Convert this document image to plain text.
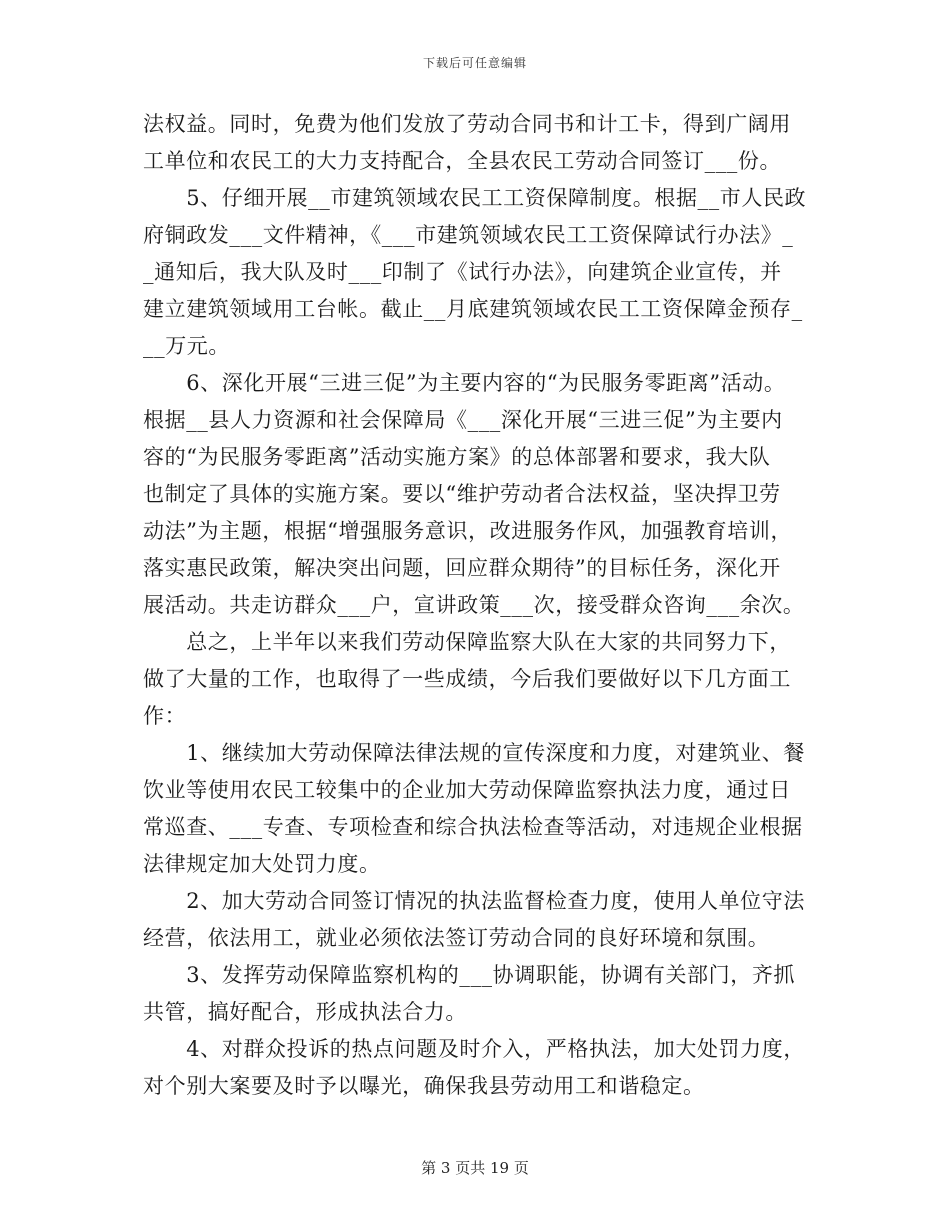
下载后可任意编辑
法权益。同时，免费为他们发放了劳动合同书和计工卡，得到广阔用
工单位和农民工的大力支持配合，全县农民工劳动合同签订___份。
　　5、仔细开展__市建筑领域农民工工资保障制度。根据__市人民政
府铜政发___文件精神，《___市建筑领域农民工工资保障试行办法》_
_通知后，我大队及时___印制了《试行办法》，向建筑企业宣传，并
建立建筑领域用工台帐。截止__月底建筑领域农民工工资保障金预存_
__万元。
　　6、深化开展“三进三促”为主要内容的“为民服务零距离”活动。
根据__县人力资源和社会保障局《___深化开展“三进三促”为主要内
容的“为民服务零距离”活动实施方案》的总体部署和要求，我大队
也制定了具体的实施方案。要以“维护劳动者合法权益，坚决捍卫劳
动法”为主题，根据“增强服务意识，改进服务作风，加强教育培训，
落实惠民政策，解决突出问题，回应群众期待”的目标任务，深化开
展活动。共走访群众___户，宣讲政策___次，接受群众咨询___余次。
　　总之，上半年以来我们劳动保障监察大队在大家的共同努力下，
做了大量的工作，也取得了一些成绩，今后我们要做好以下几方面工
作：
　　1、继续加大劳动保障法律法规的宣传深度和力度，对建筑业、餐
饮业等使用农民工较集中的企业加大劳动保障监察执法力度，通过日
常巡查、___专查、专项检查和综合执法检查等活动，对违规企业根据
法律规定加大处罚力度。
　　2、加大劳动合同签订情况的执法监督检查力度，使用人单位守法
经营，依法用工，就业必须依法签订劳动合同的良好环境和氛围。
　　3、发挥劳动保障监察机构的___协调职能，协调有关部门，齐抓
共管，搞好配合，形成执法合力。
　　4、对群众投诉的热点问题及时介入，严格执法，加大处罚力度，
对个别大案要及时予以曝光，确保我县劳动用工和谐稳定。
第 3 页共 19 页
